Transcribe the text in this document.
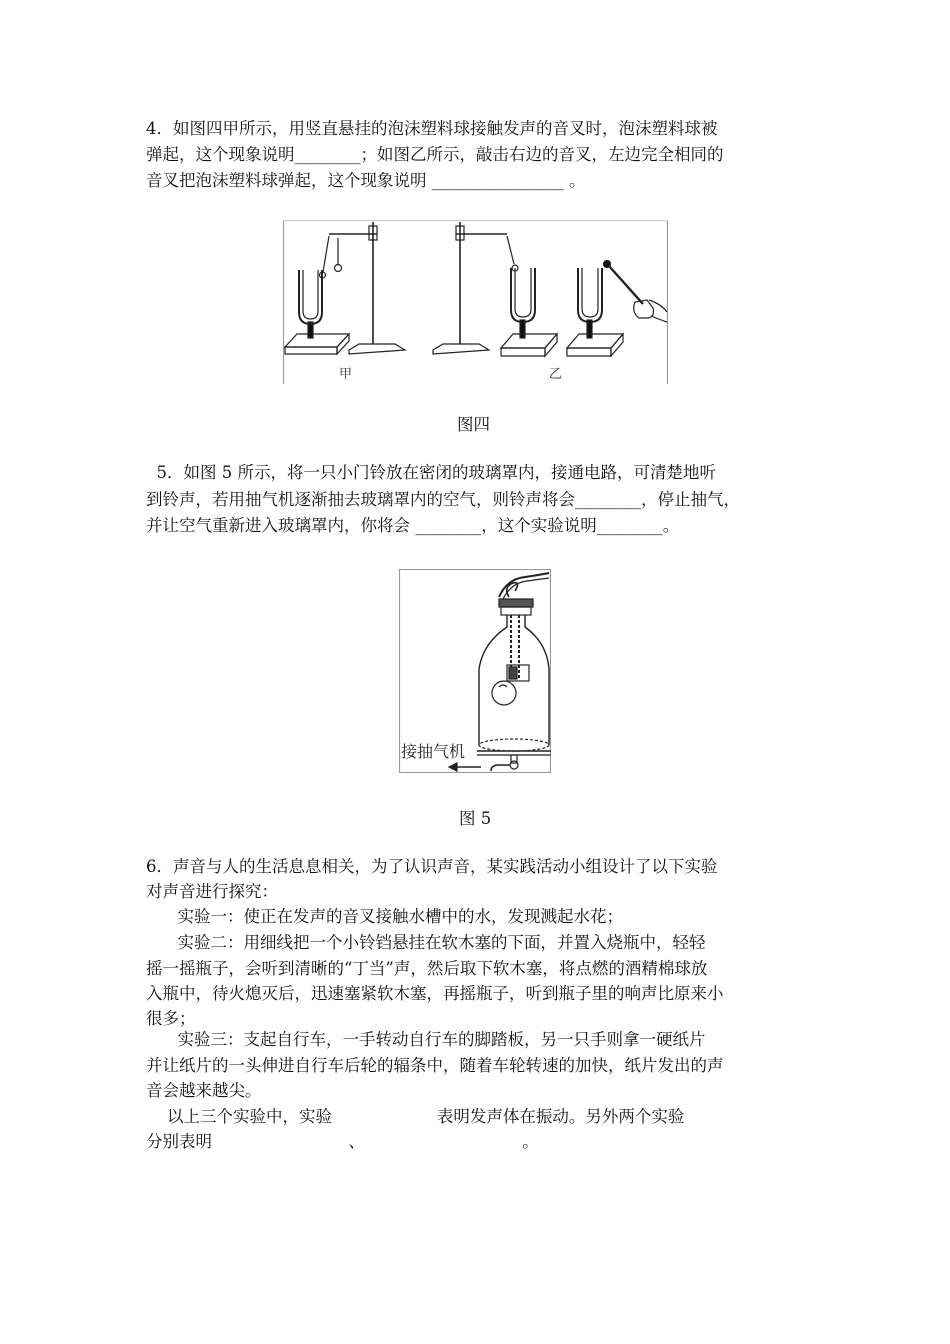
4．如图四甲所示，用竖直悬挂的泡沫塑料球接触发声的音叉时，泡沫塑料球被
弹起，这个现象说明________；如图乙所示，敲击右边的音叉，左边完全相同的
音叉把泡沫塑料球弹起，这个现象说明 ________________ 。
甲	乙
图四
5．如图 5 所示，将一只小门铃放在密闭的玻璃罩内，接通电路，可清楚地听
到铃声，若用抽气机逐渐抽去玻璃罩内的空气，则铃声将会________，停止抽气，
并让空气重新进入玻璃罩内，你将会 ________，这个实验说明________。
接抽气机
图 5
6．声音与人的生活息息相关，为了认识声音，某实践活动小组设计了以下实验
对声音进行探究：
实验一：使正在发声的音叉接触水槽中的水，发现溅起水花；
实验二：用细线把一个小铃铛悬挂在软木塞的下面，并置入烧瓶中，轻轻
摇一摇瓶子，会听到清晰的“丁当”声，然后取下软木塞，将点燃的酒精棉球放
入瓶中，待火熄灭后，迅速塞紧软木塞，再摇瓶子，听到瓶子里的响声比原来小
很多；
实验三：支起自行车，一手转动自行车的脚踏板，另一只手则拿一硬纸片
并让纸片的一头伸进自行车后轮的辐条中，随着车轮转速的加快，纸片发出的声
音会越来越尖。
以上三个实验中，实验                    表明发声体在振动。另外两个实验
分别表明                          、                              。
